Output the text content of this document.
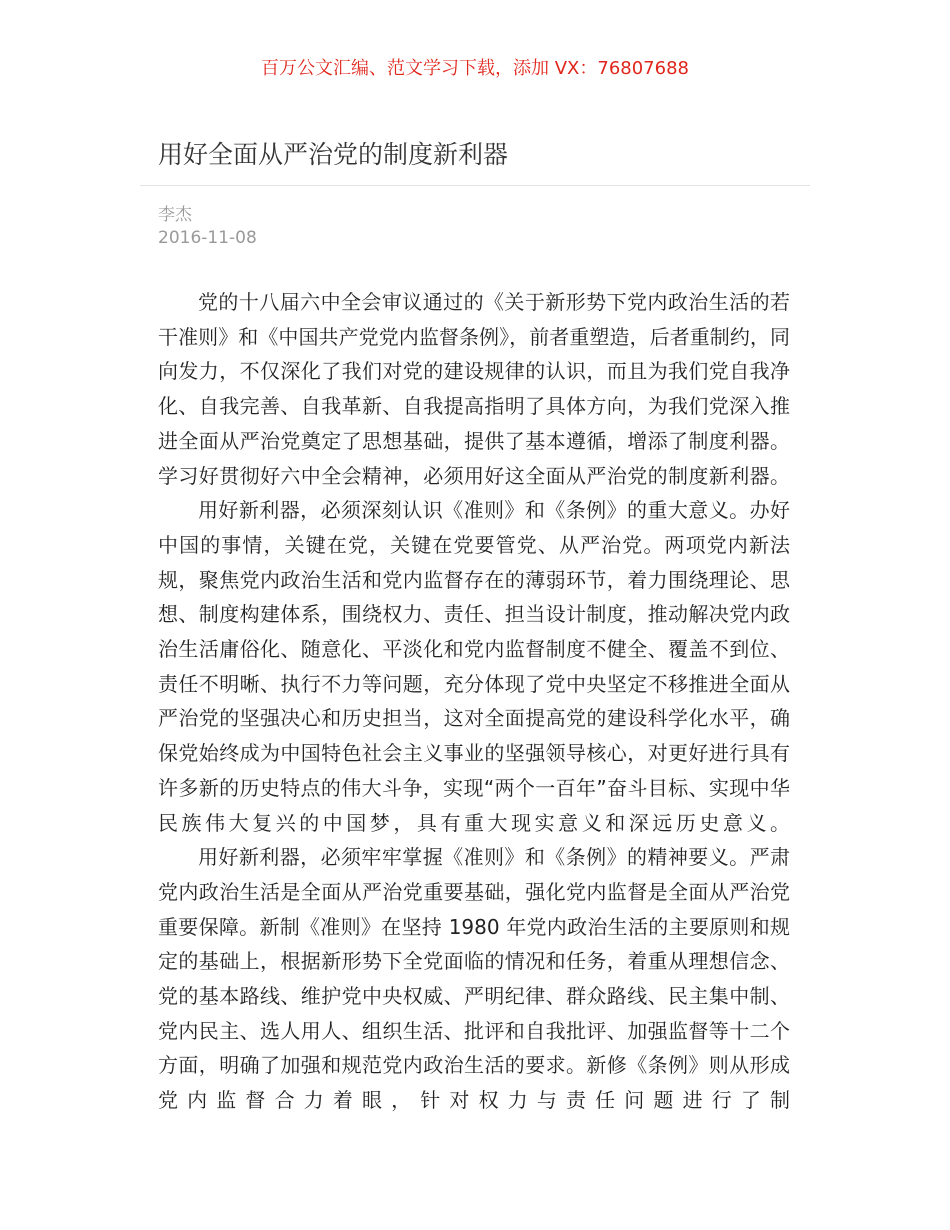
百万公文汇编、范文学习下载，添加 VX：76807688
用好全面从严治党的制度新利器
李杰
2016-11-08

党的十八届六中全会审议通过的《关于新形势下党内政治生活的若干准则》和《中国共产党党内监督条例》，前者重塑造，后者重制约，同向发力，不仅深化了我们对党的建设规律的认识，而且为我们党自我净化、自我完善、自我革新、自我提高指明了具体方向，为我们党深入推进全面从严治党奠定了思想基础，提供了基本遵循，增添了制度利器。学习好贯彻好六中全会精神，必须用好这全面从严治党的制度新利器。

用好新利器，必须深刻认识《准则》和《条例》的重大意义。办好中国的事情，关键在党，关键在党要管党、从严治党。两项党内新法规，聚焦党内政治生活和党内监督存在的薄弱环节，着力围绕理论、思想、制度构建体系，围绕权力、责任、担当设计制度，推动解决党内政治生活庸俗化、随意化、平淡化和党内监督制度不健全、覆盖不到位、责任不明晰、执行不力等问题，充分体现了党中央坚定不移推进全面从严治党的坚强决心和历史担当，这对全面提高党的建设科学化水平，确保党始终成为中国特色社会主义事业的坚强领导核心，对更好进行具有许多新的历史特点的伟大斗争，实现“两个一百年”奋斗目标、实现中华民族伟大复兴的中国梦，具有重大现实意义和深远历史意义。

用好新利器，必须牢牢掌握《准则》和《条例》的精神要义。严肃党内政治生活是全面从严治党重要基础，强化党内监督是全面从严治党重要保障。新制《准则》在坚持 1980 年党内政治生活的主要原则和规定的基础上，根据新形势下全党面临的情况和任务，着重从理想信念、党的基本路线、维护党中央权威、严明纪律、群众路线、民主集中制、党内民主、选人用人、组织生活、批评和自我批评、加强监督等十二个方面，明确了加强和规范党内政治生活的要求。新修《条例》则从形成党内监督合力着眼，针对权力与责任问题进行了制
